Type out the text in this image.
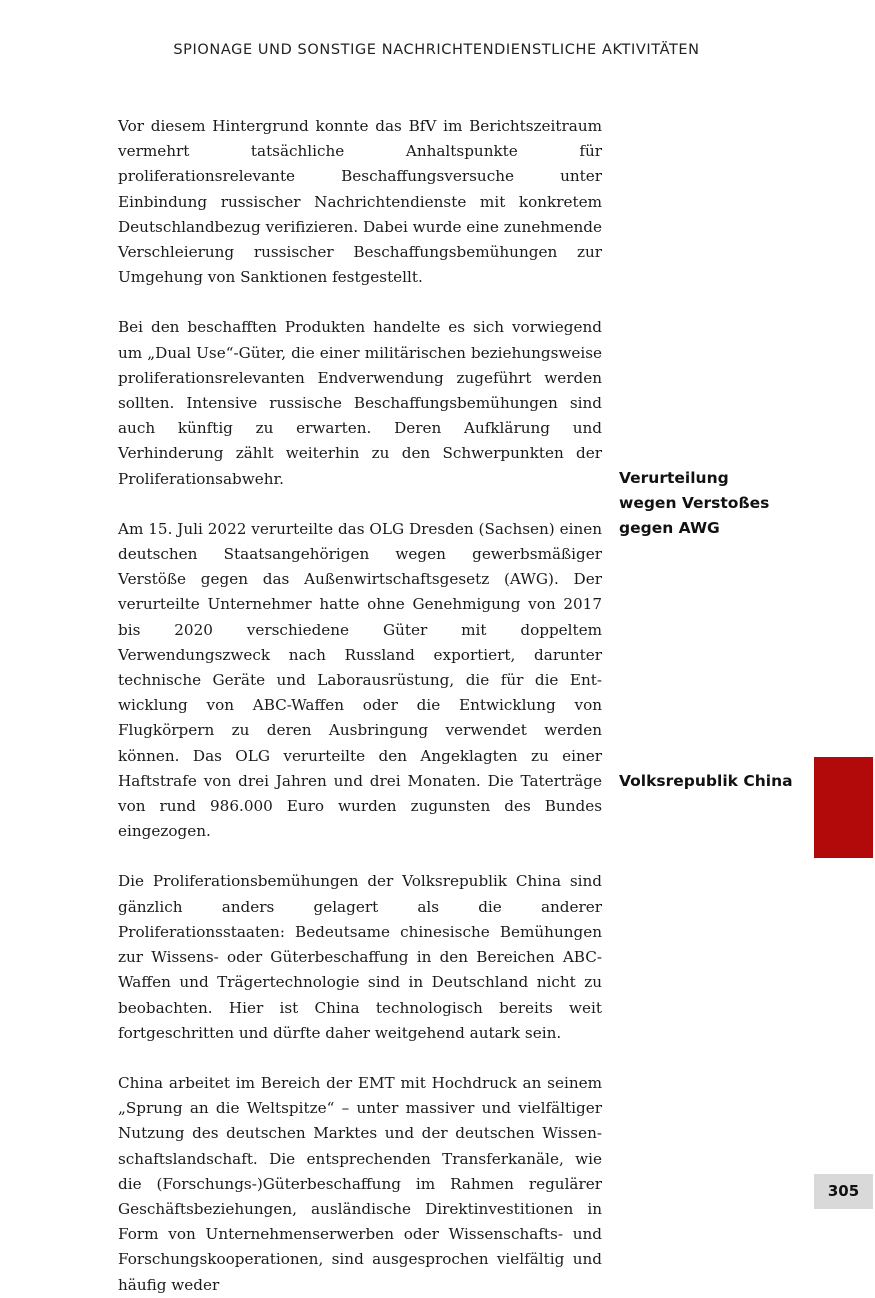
SPIONAGE UND SONSTIGE NACHRICHTENDIENSTLICHE AKTIVITÄTEN

Vor diesem Hintergrund konnte das BfV im Berichtszeitraum vermehrt tatsächliche Anhaltspunkte für proliferationsrelevante Beschaffungsversuche unter Einbindung russischer Nachrichtendienste mit konkretem Deutschlandbezug verifizieren. Dabei wurde eine zunehmende Verschleierung russischer Beschaffungsbemühungen zur Umgehung von Sanktionen festgestellt.

Bei den beschafften Produkten handelte es sich vorwiegend um „Dual Use“-Güter, die einer militärischen beziehungsweise proliferationsrelevanten Endverwendung zugeführt werden sollten. Intensive russische Beschaffungsbemühungen sind auch künftig zu erwarten. Deren Aufklärung und Verhinderung zählt weiterhin zu den Schwerpunkten der Proliferationsabwehr.

Am 15. Juli 2022 verurteilte das OLG Dresden (Sachsen) einen deutschen Staatsangehörigen wegen gewerbsmäßiger Verstöße gegen das Außenwirtschaftsgesetz (AWG). Der verurteilte Unternehmer hatte ohne Genehmigung von 2017 bis 2020 verschiedene Güter mit doppeltem Verwendungszweck nach Russland exportiert, darunter technische Geräte und Laborausrüstung, die für die Entwicklung von ABC-Waffen oder die Entwicklung von Flugkörpern zu deren Ausbringung verwendet werden können. Das OLG verurteilte den Angeklagten zu einer Haftstrafe von drei Jahren und drei Monaten. Die Taterträge von rund 986.000 Euro wurden zugunsten des Bundes eingezogen.

Die Proliferationsbemühungen der Volksrepublik China sind gänzlich anders gelagert als die anderer Proliferationsstaaten: Bedeutsame chinesische Bemühungen zur Wissens- oder Güterbeschaffung in den Bereichen ABC-Waffen und Trägertechnologie sind in Deutschland nicht zu beobachten. Hier ist China technologisch bereits weit fortgeschritten und dürfte daher weitgehend autark sein.

China arbeitet im Bereich der EMT mit Hochdruck an seinem „Sprung an die Weltspitze“ – unter massiver und vielfältiger Nutzung des deutschen Marktes und der deutschen Wissenschaftslandschaft. Die entsprechenden Transferkanäle, wie die (Forschungs-)Güterbeschaffung im Rahmen regulärer Geschäftsbeziehungen, ausländische Direktinvestitionen in Form von Unternehmenserwerben oder Wissenschafts- und Forschungskooperationen, sind ausgesprochen vielfältig und häufig weder

Verurteilung
wegen Verstoßes
gegen AWG
Volksrepublik China
305
